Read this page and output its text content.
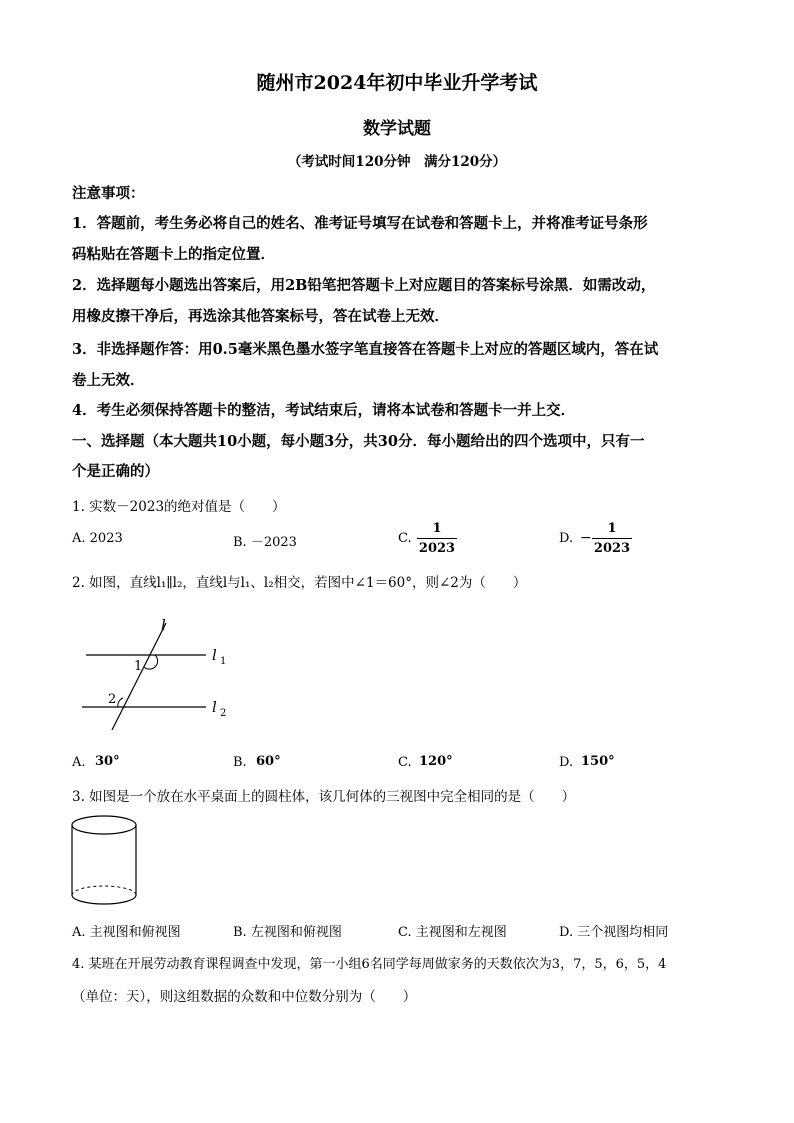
随州市2024年初中毕业升学考试
数学试题
（考试时间120分钟　满分120分）
注意事项：
1．答题前，考生务必将自己的姓名、准考证号填写在试卷和答题卡上，并将准考证号条形
码粘贴在答题卡上的指定位置．
2．选择题每小题选出答案后，用2B铅笔把答题卡上对应题目的答案标号涂黑．如需改动，
用橡皮擦干净后，再选涂其他答案标号，答在试卷上无效．
3．非选择题作答：用0.5毫米黑色墨水签字笔直接答在答题卡上对应的答题区域内，答在试
卷上无效．
4．考生必须保持答题卡的整洁，考试结束后，请将本试卷和答题卡一并上交．
一、选择题（本大题共10小题，每小题3分，共30分．每小题给出的四个选项中，只有一
个是正确的）
1. 实数－2023的绝对值是（　　）
A. 2023	B. －2023	C.
1
2023
D. −
1
2023
2. 如图，直线l₁∥l₂，直线l与l₁、l₂相交，若图中∠1＝60°，则∠2为（　　）
l
l 1
l 2
1
2
A. 30°	B. 60°	C. 120°	D. 150°
3. 如图是一个放在水平桌面上的圆柱体，该几何体的三视图中完全相同的是（　　）
A. 主视图和俯视图	B. 左视图和俯视图	C. 主视图和左视图	D. 三个视图均相同
4. 某班在开展劳动教育课程调查中发现，第一小组6名同学每周做家务的天数依次为3，7，5，6，5，4
（单位：天），则这组数据的众数和中位数分别为（　　）
